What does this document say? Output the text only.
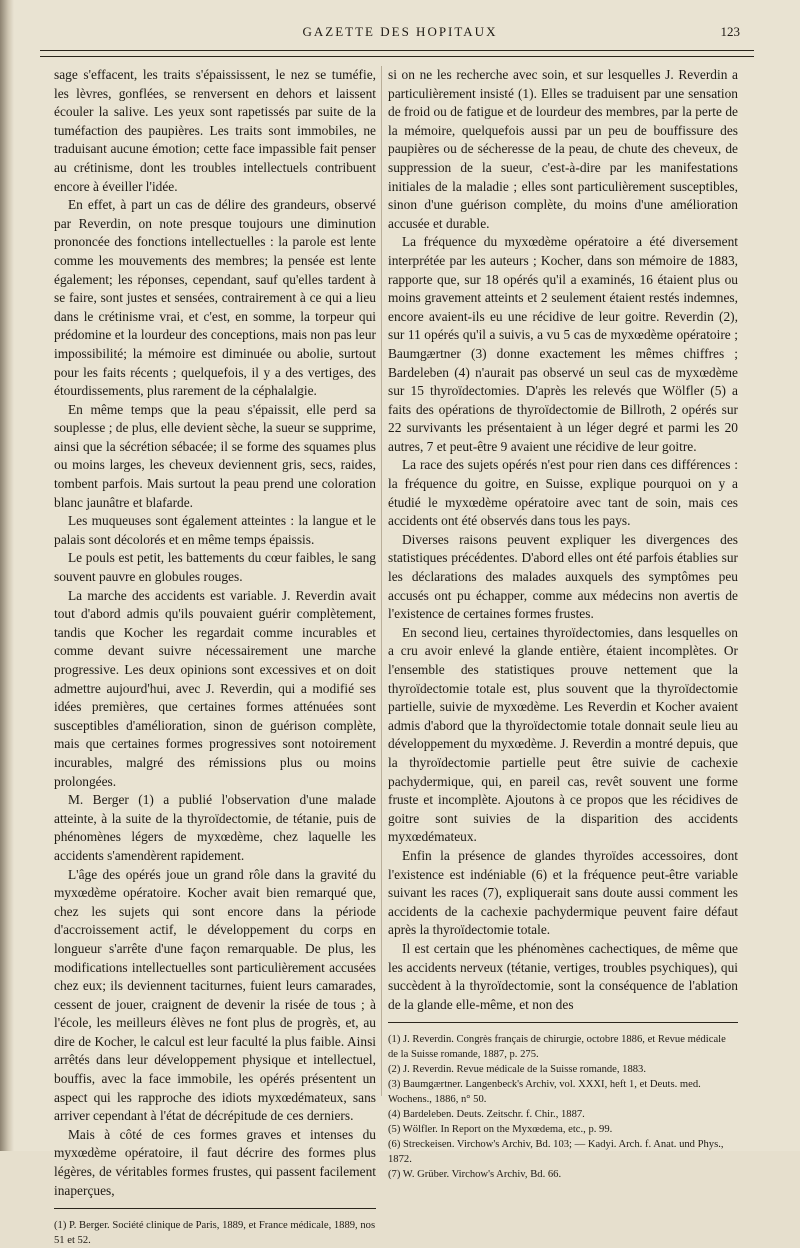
GAZETTE DES HOPITAUX	123

sage s'effacent, les traits s'épaississent, le nez se tuméfie, les lèvres, gonflées, se renversent en dehors et laissent écouler la salive. Les yeux sont rapetissés par suite de la tuméfaction des paupières. Les traits sont immobiles, ne traduisant aucune émotion; cette face impassible fait penser au crétinisme, dont les troubles intellectuels contribuent encore à éveiller l'idée.

En effet, à part un cas de délire des grandeurs, observé par Reverdin, on note presque toujours une diminution prononcée des fonctions intellectuelles : la parole est lente comme les mouvements des membres; la pensée est lente également; les réponses, cependant, sauf qu'elles tardent à se faire, sont justes et sensées, contrairement à ce qui a lieu dans le crétinisme vrai, et c'est, en somme, la torpeur qui prédomine et la lourdeur des conceptions, mais non pas leur impossibilité; la mémoire est diminuée ou abolie, surtout pour les faits récents ; quelquefois, il y a des vertiges, des étourdissements, plus rarement de la céphalalgie.

En même temps que la peau s'épaissit, elle perd sa souplesse ; de plus, elle devient sèche, la sueur se supprime, ainsi que la sécrétion sébacée; il se forme des squames plus ou moins larges, les cheveux deviennent gris, secs, raides, tombent parfois. Mais surtout la peau prend une coloration blanc jaunâtre et blafarde.

Les muqueuses sont également atteintes : la langue et le palais sont décolorés et en même temps épaissis.

Le pouls est petit, les battements du cœur faibles, le sang souvent pauvre en globules rouges.

La marche des accidents est variable. J. Reverdin avait tout d'abord admis qu'ils pouvaient guérir complètement, tandis que Kocher les regardait comme incurables et comme devant suivre nécessairement une marche progressive. Les deux opinions sont excessives et on doit admettre aujourd'hui, avec J. Reverdin, qui a modifié ses idées premières, que certaines formes atténuées sont susceptibles d'amélioration, sinon de guérison complète, mais que certaines formes progressives sont notoirement incurables, malgré des rémissions plus ou moins prolongées.

M. Berger (1) a publié l'observation d'une malade atteinte, à la suite de la thyroïdectomie, de tétanie, puis de phénomènes légers de myxœdème, chez laquelle les accidents s'amendèrent rapidement.

L'âge des opérés joue un grand rôle dans la gravité du myxœdème opératoire. Kocher avait bien remarqué que, chez les sujets qui sont encore dans la période d'accroissement actif, le développement du corps en longueur s'arrête d'une façon remarquable. De plus, les modifications intellectuelles sont particulièrement accusées chez eux; ils deviennent taciturnes, fuient leurs camarades, cessent de jouer, craignent de devenir la risée de tous ; à l'école, les meilleurs élèves ne font plus de progrès, et, au dire de Kocher, le calcul est leur faculté la plus faible. Ainsi arrêtés dans leur développement physique et intellectuel, bouffis, avec la face immobile, les opérés présentent un aspect qui les rapproche des idiots myxœdémateux, sans arriver cependant à l'état de décrépitude de ces derniers.

Mais à côté de ces formes graves et intenses du myxœdème opératoire, il faut décrire des formes plus légères, de véritables formes frustes, qui passent facilement inaperçues,

(1) P. Berger. Société clinique de Paris, 1889, et France médicale, 1889, nos 51 et 52.

si on ne les recherche avec soin, et sur lesquelles J. Reverdin a particulièrement insisté (1). Elles se traduisent par une sensation de froid ou de fatigue et de lourdeur des membres, par la perte de la mémoire, quelquefois aussi par un peu de bouffissure des paupières ou de sécheresse de la peau, de chute des cheveux, de suppression de la sueur, c'est-à-dire par les manifestations initiales de la maladie ; elles sont particulièrement susceptibles, sinon d'une guérison complète, du moins d'une amélioration accusée et durable.

La fréquence du myxœdème opératoire a été diversement interprétée par les auteurs ; Kocher, dans son mémoire de 1883, rapporte que, sur 18 opérés qu'il a examinés, 16 étaient plus ou moins gravement atteints et 2 seulement étaient restés indemnes, encore avaient-ils eu une récidive de leur goitre. Reverdin (2), sur 11 opérés qu'il a suivis, a vu 5 cas de myxœdème opératoire ; Baumgærtner (3) donne exactement les mêmes chiffres ; Bardeleben (4) n'aurait pas observé un seul cas de myxœdème sur 15 thyroïdectomies. D'après les relevés que Wölfler (5) a faits des opérations de thyroïdectomie de Billroth, 2 opérés sur 22 survivants les présentaient à un léger degré et parmi les 20 autres, 7 et peut-être 9 avaient une récidive de leur goitre.

La race des sujets opérés n'est pour rien dans ces différences : la fréquence du goitre, en Suisse, explique pourquoi on y a étudié le myxœdème opératoire avec tant de soin, mais ces accidents ont été observés dans tous les pays.

Diverses raisons peuvent expliquer les divergences des statistiques précédentes. D'abord elles ont été parfois établies sur les déclarations des malades auxquels des symptômes peu accusés ont pu échapper, comme aux médecins non avertis de l'existence de certaines formes frustes.

En second lieu, certaines thyroïdectomies, dans lesquelles on a cru avoir enlevé la glande entière, étaient incomplètes. Or l'ensemble des statistiques prouve nettement que la thyroïdectomie totale est, plus souvent que la thyroïdectomie partielle, suivie de myxœdème. Les Reverdin et Kocher avaient admis d'abord que la thyroïdectomie totale donnait seule lieu au développement du myxœdème. J. Reverdin a montré depuis, que la thyroïdectomie partielle peut être suivie de cachexie pachydermique, qui, en pareil cas, revêt souvent une forme fruste et incomplète. Ajoutons à ce propos que les récidives de goitre sont suivies de la disparition des accidents myxœdémateux.

Enfin la présence de glandes thyroïdes accessoires, dont l'existence est indéniable (6) et la fréquence peut-être variable suivant les races (7), expliquerait sans doute aussi comment les accidents de la cachexie pachydermique peuvent faire défaut après la thyroïdectomie totale.

Il est certain que les phénomènes cachectiques, de même que les accidents nerveux (tétanie, vertiges, troubles psychiques), qui succèdent à la thyroïdectomie, sont la conséquence de l'ablation de la glande elle-même, et non des

(1) J. Reverdin. Congrès français de chirurgie, octobre 1886, et Revue médicale de la Suisse romande, 1887, p. 275.

(2) J. Reverdin. Revue médicale de la Suisse romande, 1883.

(3) Baumgærtner. Langenbeck's Archiv, vol. XXXI, heft 1, et Deuts. med. Wochens., 1886, n° 50.

(4) Bardeleben. Deuts. Zeitschr. f. Chir., 1887.

(5) Wölfler. In Report on the Myxœdema, etc., p. 99.

(6) Streckeisen. Virchow's Archiv, Bd. 103; — Kadyi. Arch. f. Anat. und Phys., 1872.

(7) W. Grüber. Virchow's Archiv, Bd. 66.
